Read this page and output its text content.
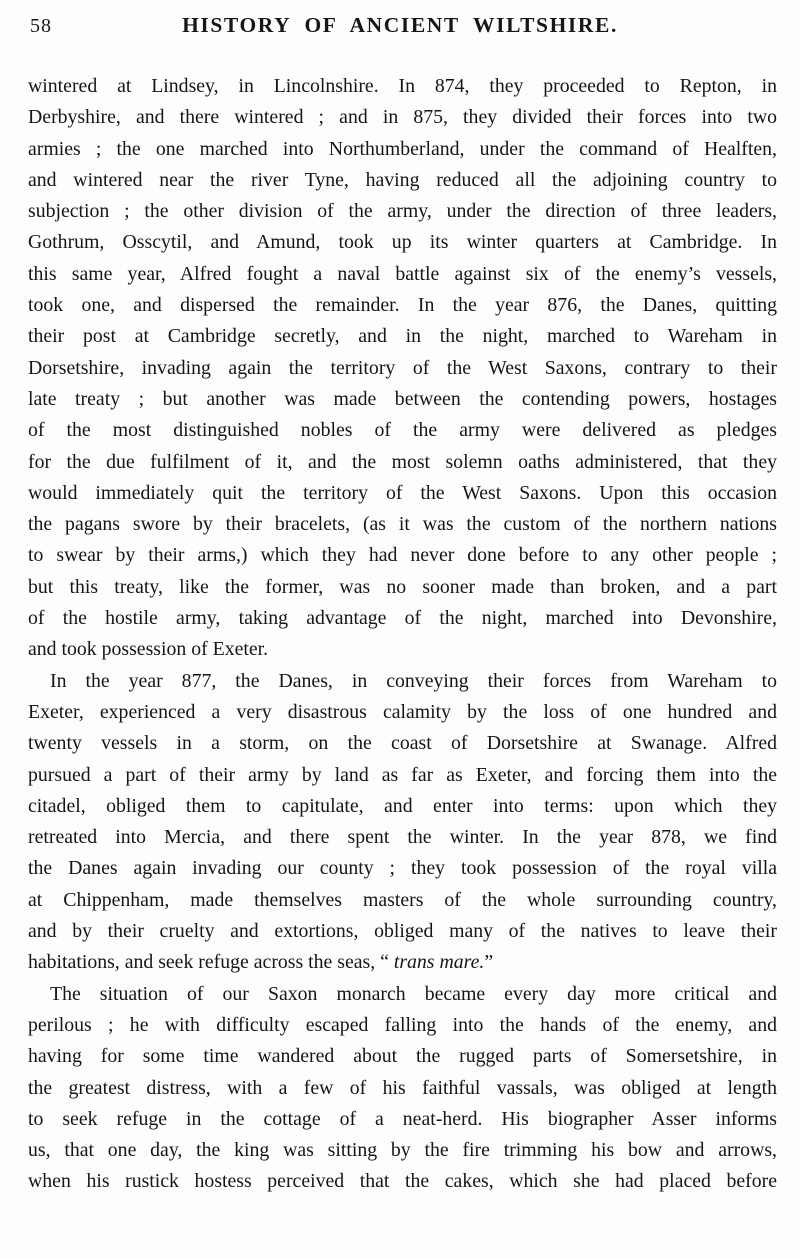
58	HISTORY OF ANCIENT WILTSHIRE.
wintered at Lindsey, in Lincolnshire. In 874, they proceeded to Repton, in
Derbyshire, and there wintered ; and in 875, they divided their forces into two
armies ; the one marched into Northumberland, under the command of Healften,
and wintered near the river Tyne, having reduced all the adjoining country to
subjection ; the other division of the army, under the direction of three leaders,
Gothrum, Osscytil, and Amund, took up its winter quarters at Cambridge. In
this same year, Alfred fought a naval battle against six of the enemy’s vessels,
took one, and dispersed the remainder. In the year 876, the Danes, quitting
their post at Cambridge secretly, and in the night, marched to Wareham in
Dorsetshire, invading again the territory of the West Saxons, contrary to their
late treaty ; but another was made between the contending powers, hostages
of the most distinguished nobles of the army were delivered as pledges
for the due fulfilment of it, and the most solemn oaths administered, that they
would immediately quit the territory of the West Saxons. Upon this occasion
the pagans swore by their bracelets, (as it was the custom of the northern nations
to swear by their arms,) which they had never done before to any other people ;
but this treaty, like the former, was no sooner made than broken, and a part
of the hostile army, taking advantage of the night, marched into Devonshire,
and took possession of Exeter.
In the year 877, the Danes, in conveying their forces from Wareham to
Exeter, experienced a very disastrous calamity by the loss of one hundred and
twenty vessels in a storm, on the coast of Dorsetshire at Swanage. Alfred
pursued a part of their army by land as far as Exeter, and forcing them into the
citadel, obliged them to capitulate, and enter into terms: upon which they
retreated into Mercia, and there spent the winter. In the year 878, we find
the Danes again invading our county ; they took possession of the royal villa
at Chippenham, made themselves masters of the whole surrounding country,
and by their cruelty and extortions, obliged many of the natives to leave their
habitations, and seek refuge across the seas, “ trans mare.”
The situation of our Saxon monarch became every day more critical and
perilous ; he with difficulty escaped falling into the hands of the enemy, and
having for some time wandered about the rugged parts of Somersetshire, in
the greatest distress, with a few of his faithful vassals, was obliged at length
to seek refuge in the cottage of a neat-herd. His biographer Asser informs
us, that one day, the king was sitting by the fire trimming his bow and arrows,
when his rustick hostess perceived that the cakes, which she had placed before
